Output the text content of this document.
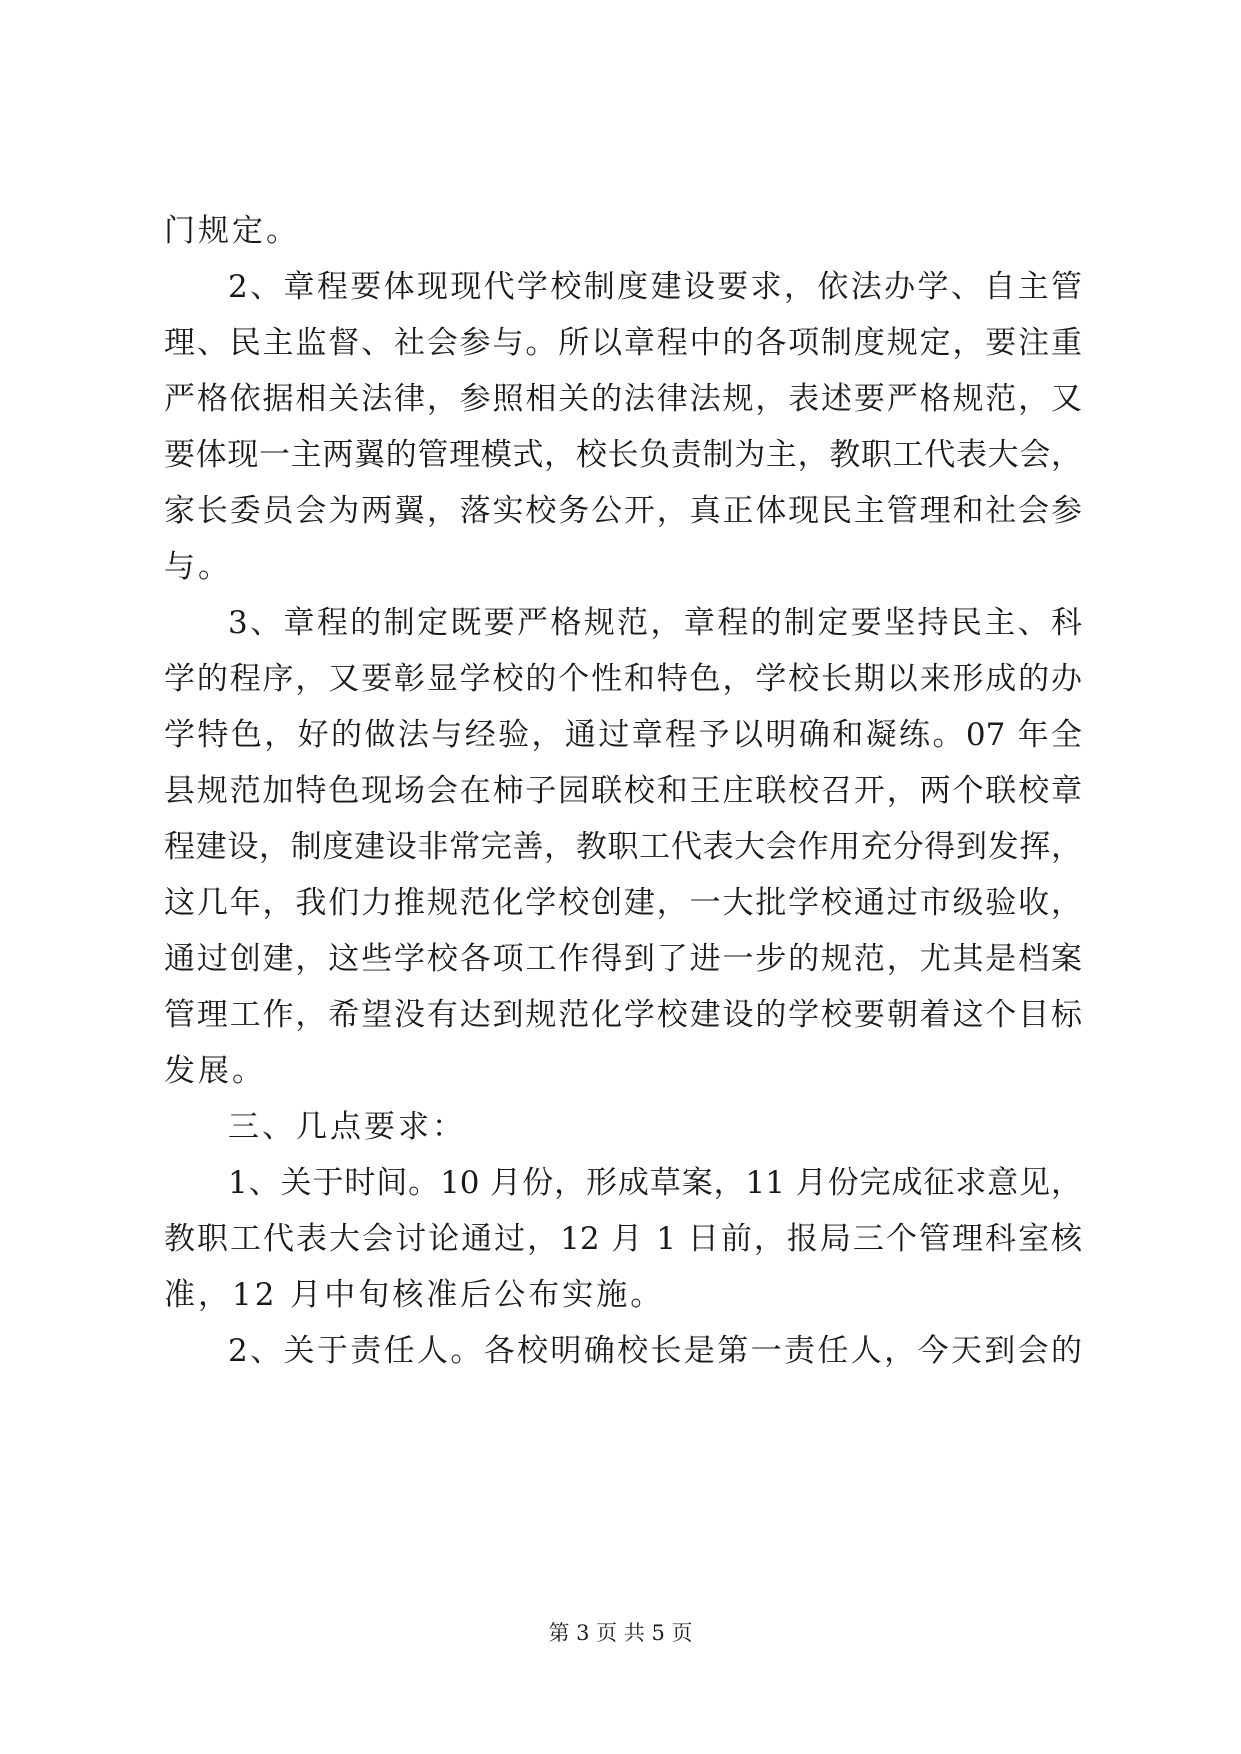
门规定。
2、章程要体现现代学校制度建设要求，依法办学、自主管
理、民主监督、社会参与。所以章程中的各项制度规定，要注重
严格依据相关法律，参照相关的法律法规，表述要严格规范，又
要体现一主两翼的管理模式，校长负责制为主，教职工代表大会，
家长委员会为两翼，落实校务公开，真正体现民主管理和社会参
与。
3、章程的制定既要严格规范，章程的制定要坚持民主、科
学的程序，又要彰显学校的个性和特色，学校长期以来形成的办
学特色，好的做法与经验，通过章程予以明确和凝练。07 年全
县规范加特色现场会在柿子园联校和王庄联校召开，两个联校章
程建设，制度建设非常完善，教职工代表大会作用充分得到发挥，
这几年，我们力推规范化学校创建，一大批学校通过市级验收，
通过创建，这些学校各项工作得到了进一步的规范，尤其是档案
管理工作，希望没有达到规范化学校建设的学校要朝着这个目标
发展。
三、几点要求：
1、关于时间。10 月份，形成草案，11 月份完成征求意见，
教职工代表大会讨论通过，12 月 1 日前，报局三个管理科室核
准，12 月中旬核准后公布实施。
2、关于责任人。各校明确校长是第一责任人，今天到会的
第 3 页 共 5 页
